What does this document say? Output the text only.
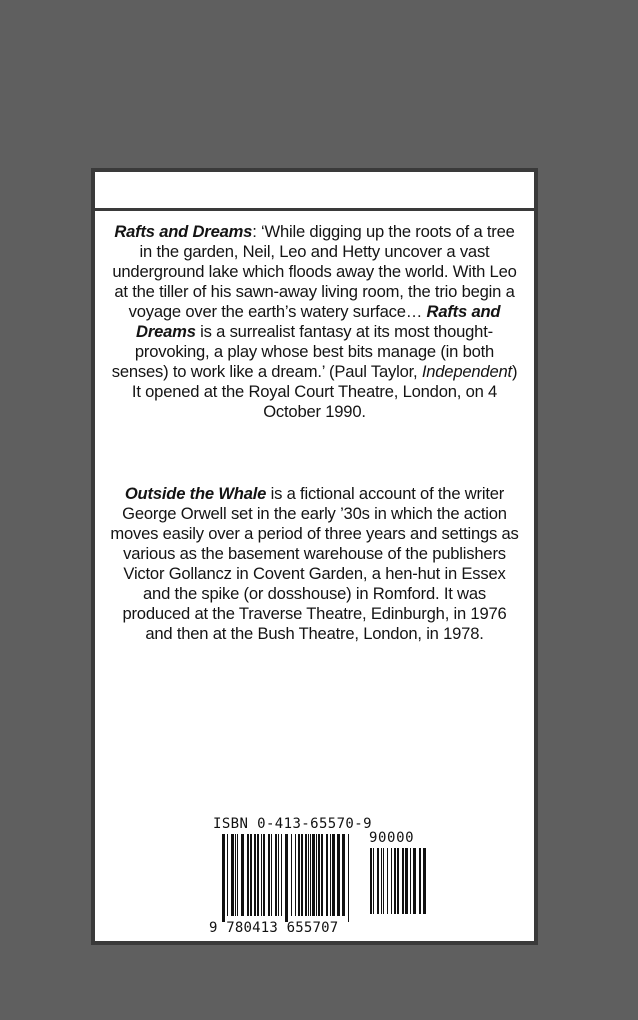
Rafts and Dreams: ‘While digging up the roots of a tree in the garden, Neil, Leo and Hetty uncover a vast underground lake which floods away the world. With Leo at the tiller of his sawn-away living room, the trio begin a voyage over the earth’s watery surface… Rafts and Dreams is a surrealist fantasy at its most thought-provoking, a play whose best bits manage (in both senses) to work like a dream.’ (Paul Taylor, Independent) It opened at the Royal Court Theatre, London, on 4 October 1990.
Outside the Whale is a fictional account of the writer George Orwell set in the early ’30s in which the action moves easily over a period of three years and settings as various as the basement warehouse of the publishers Victor Gollancz in Covent Garden, a hen-hut in Essex and the spike (or dosshouse) in Romford. It was produced at the Traverse Theatre, Edinburgh, in 1976 and then at the Bush Theatre, London, in 1978.
ISBN 0-413-65570-9
90000
9 780413 655707
